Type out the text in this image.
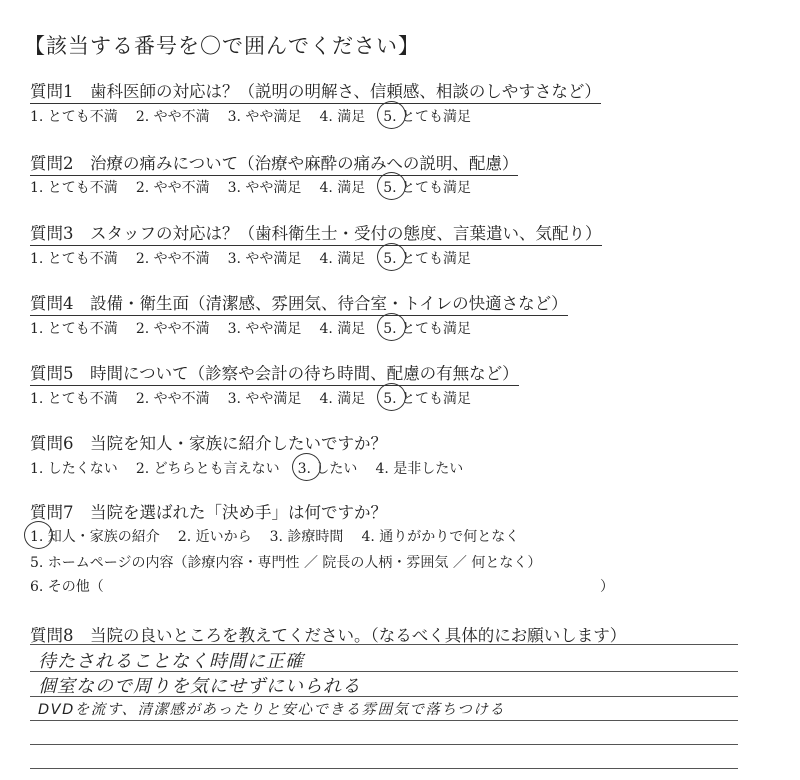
【該当する番号を〇で囲んでください】
質問1　歯科医師の対応は？（説明の明解さ、信頼感、相談のしやすさなど）
1. とても不満 2. やや不満 3. やや満足 4. 満足 5. とても満足
質問2　治療の痛みについて（治療や麻酔の痛みへの説明、配慮）
1. とても不満 2. やや不満 3. やや満足 4. 満足 5. とても満足
質問3　スタッフの対応は？（歯科衛生士・受付の態度、言葉遣い、気配り）
1. とても不満 2. やや不満 3. やや満足 4. 満足 5. とても満足
質問4　設備・衛生面（清潔感、雰囲気、待合室・トイレの快適さなど）
1. とても不満 2. やや不満 3. やや満足 4. 満足 5. とても満足
質問5　時間について（診察や会計の待ち時間、配慮の有無など）
1. とても不満 2. やや不満 3. やや満足 4. 満足 5. とても満足
質問6　当院を知人・家族に紹介したいですか？
1. したくない 2. どちらとも言えない 3. したい 4. 是非したい
質問7　当院を選ばれた「決め手」は何ですか？
1. 知人・家族の紹介 2. 近いから 3. 診療時間 4. 通りがかりで何となく
5. ホームページの内容（診療内容・専門性 ／ 院長の人柄・雰囲気 ／ 何となく）
6. その他（	）
質問8　当院の良いところを教えてください。（なるべく具体的にお願いします）
待たされることなく時間に正確
個室なので周りを気にせずにいられる
DVDを流す、清潔感があったりと安心できる雰囲気で落ちつける
